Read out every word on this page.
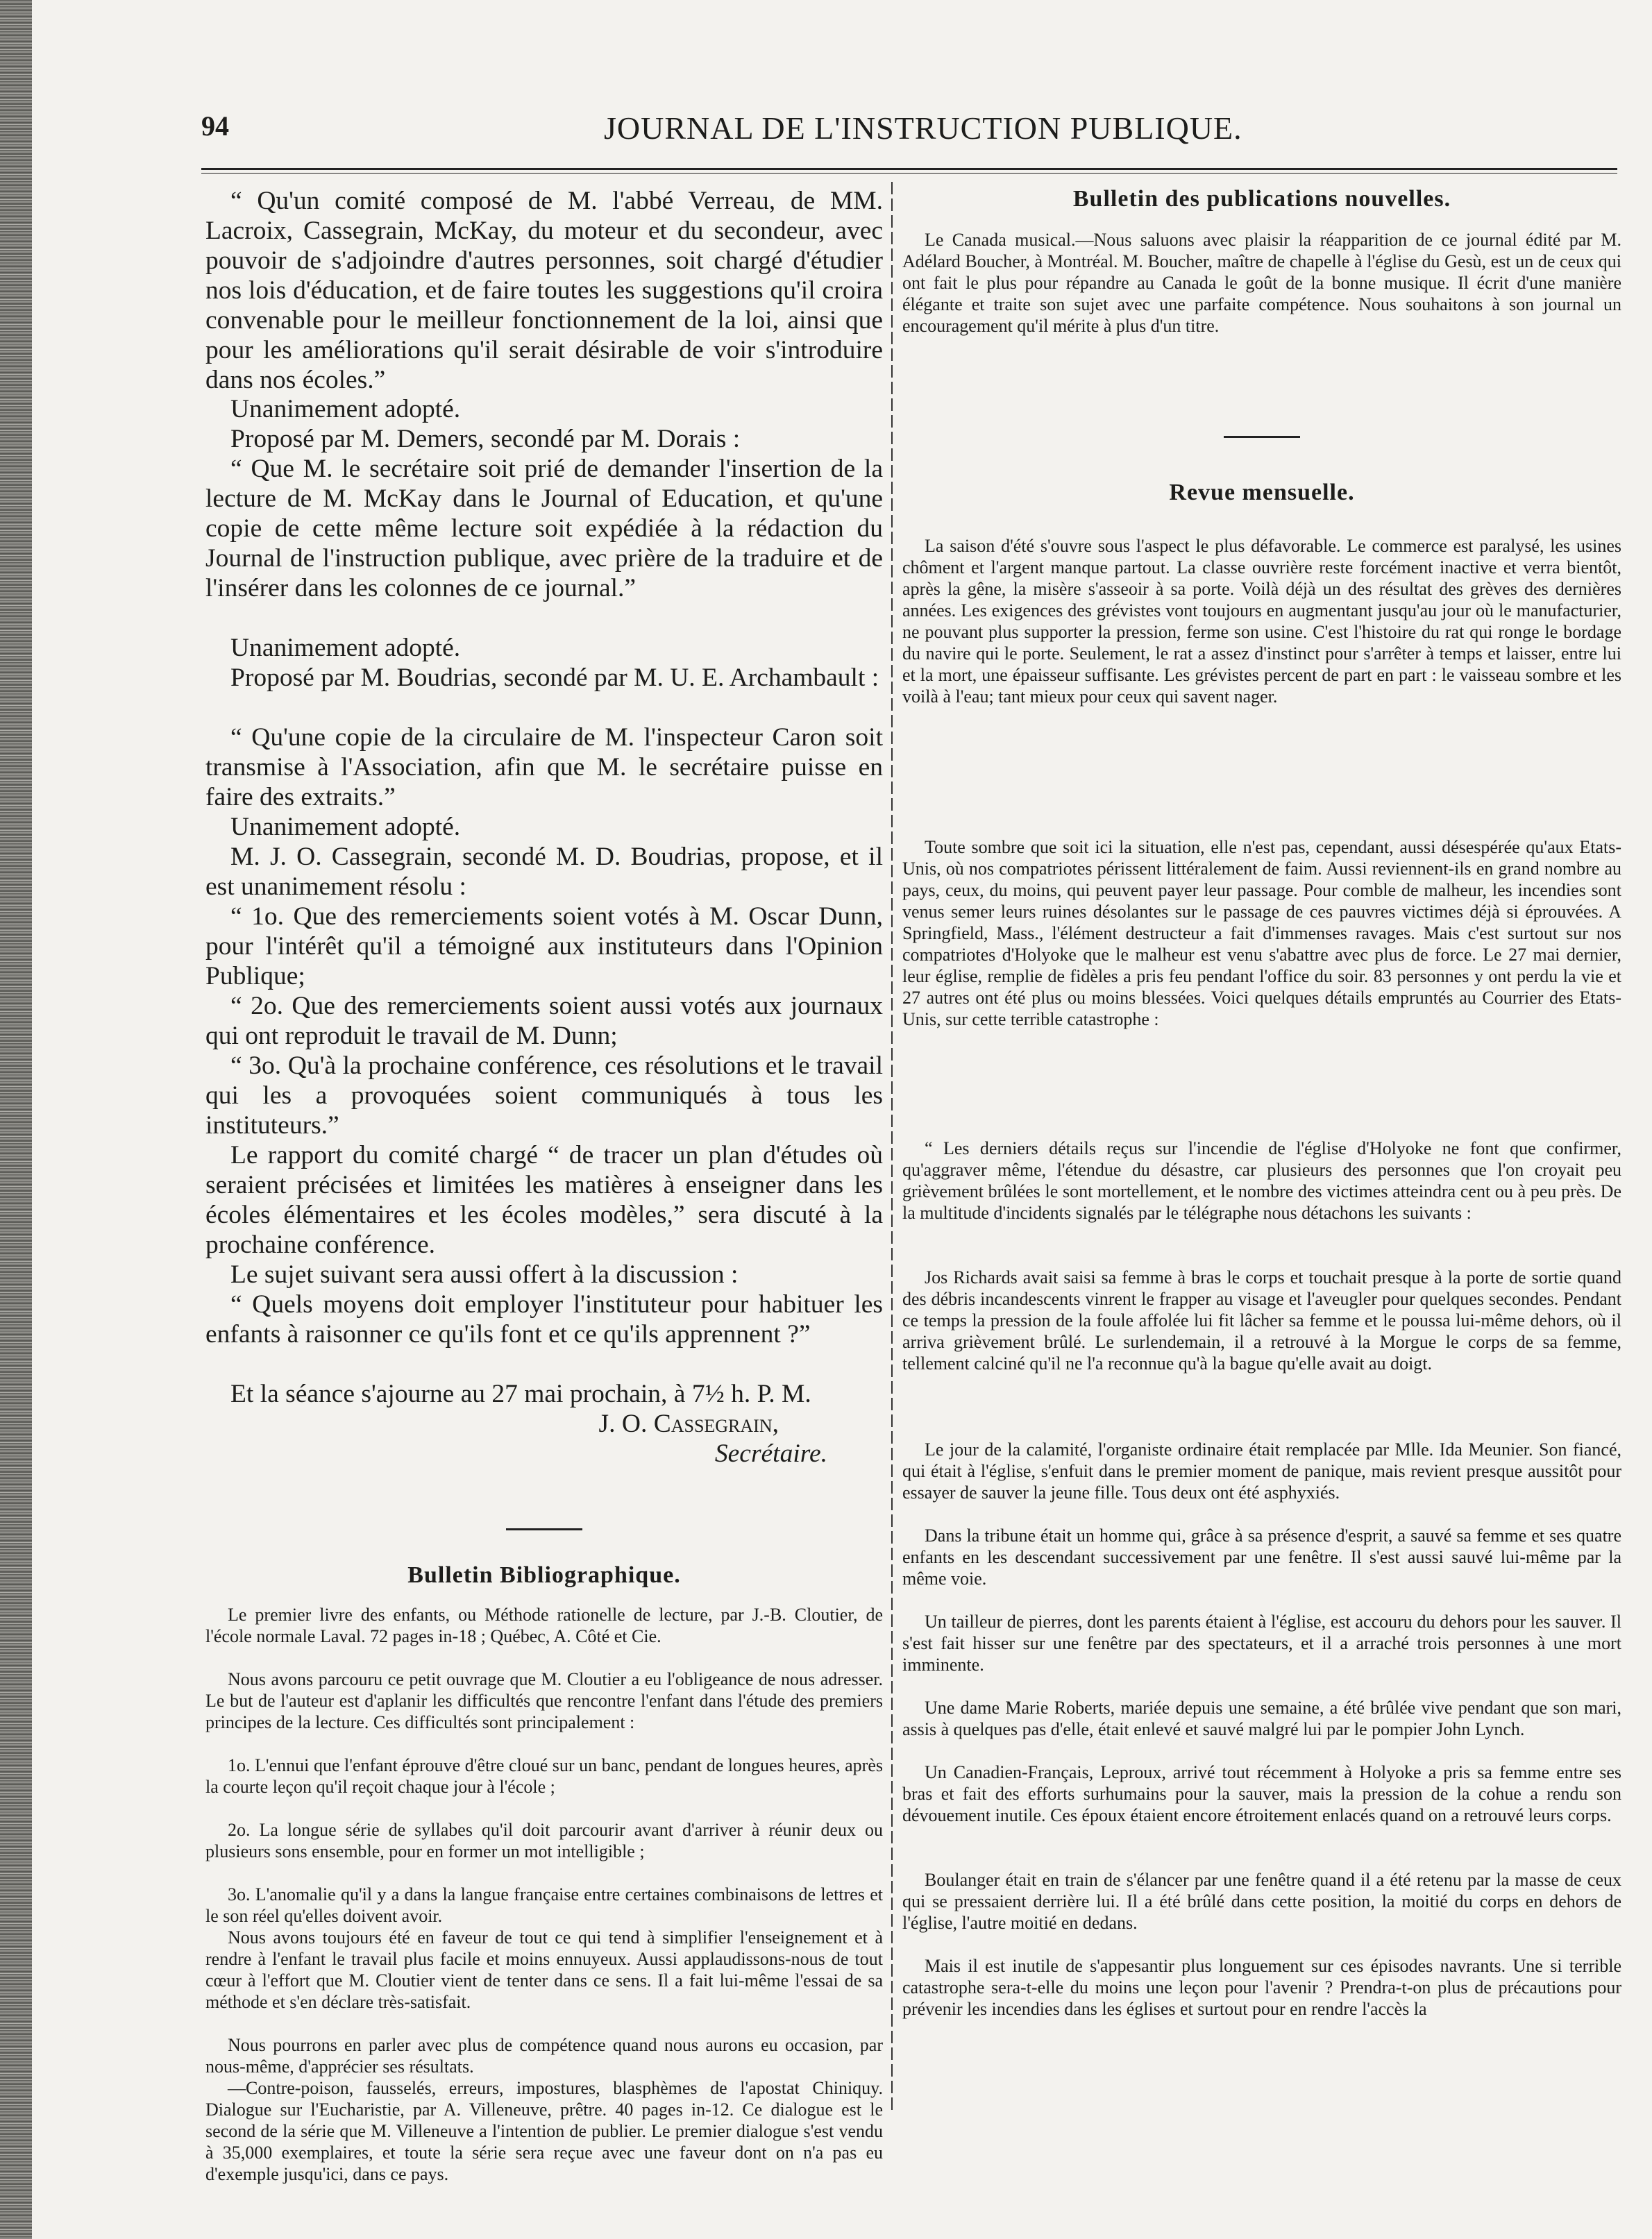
94	JOURNAL DE L'INSTRUCTION PUBLIQUE.

“ Qu'un comité composé de M. l'abbé Verreau, de MM. Lacroix, Cassegrain, McKay, du moteur et du secondeur, avec pouvoir de s'adjoindre d'autres personnes, soit chargé d'étudier nos lois d'éducation, et de faire toutes les suggestions qu'il croira convenable pour le meilleur fonctionnement de la loi, ainsi que pour les améliorations qu'il serait désirable de voir s'introduire dans nos écoles.”

Unanimement adopté.

Proposé par M. Demers, secondé par M. Dorais :

“ Que M. le secrétaire soit prié de demander l'insertion de la lecture de M. McKay dans le Journal of Education, et qu'une copie de cette même lecture soit expédiée à la rédaction du Journal de l'instruction publique, avec prière de la traduire et de l'insérer dans les colonnes de ce journal.”

Unanimement adopté.

Proposé par M. Boudrias, secondé par M. U. E. Archambault :

“ Qu'une copie de la circulaire de M. l'inspecteur Caron soit transmise à l'Association, afin que M. le secrétaire puisse en faire des extraits.”

Unanimement adopté.

M. J. O. Cassegrain, secondé M. D. Boudrias, propose, et il est unanimement résolu :

“ 1o. Que des remerciements soient votés à M. Oscar Dunn, pour l'intérêt qu'il a témoigné aux instituteurs dans l'Opinion Publique;

“ 2o. Que des remerciements soient aussi votés aux journaux qui ont reproduit le travail de M. Dunn;

“ 3o. Qu'à la prochaine conférence, ces résolutions et le travail qui les a provoquées soient communiqués à tous les instituteurs.”

Le rapport du comité chargé “ de tracer un plan d'études où seraient précisées et limitées les matières à enseigner dans les écoles élémentaires et les écoles modèles,” sera discuté à la prochaine conférence.

Le sujet suivant sera aussi offert à la discussion :

“ Quels moyens doit employer l'instituteur pour habituer les enfants à raisonner ce qu'ils font et ce qu'ils apprennent ?”

Et la séance s'ajourne au 27 mai prochain, à 7½ h. P. M.

J. O. Cassegrain,

Secrétaire.

Bulletin Bibliographique.

Le premier livre des enfants, ou Méthode rationelle de lecture, par J.-B. Cloutier, de l'école normale Laval. 72 pages in-18 ; Québec, A. Côté et Cie.

Nous avons parcouru ce petit ouvrage que M. Cloutier a eu l'obligeance de nous adresser. Le but de l'auteur est d'aplanir les difficultés que rencontre l'enfant dans l'étude des premiers principes de la lecture. Ces difficultés sont principalement :

1o. L'ennui que l'enfant éprouve d'être cloué sur un banc, pendant de longues heures, après la courte leçon qu'il reçoit chaque jour à l'école ;

2o. La longue série de syllabes qu'il doit parcourir avant d'arriver à réunir deux ou plusieurs sons ensemble, pour en former un mot intelligible ;

3o. L'anomalie qu'il y a dans la langue française entre certaines combinaisons de lettres et le son réel qu'elles doivent avoir.

Nous avons toujours été en faveur de tout ce qui tend à simplifier l'enseignement et à rendre à l'enfant le travail plus facile et moins ennuyeux. Aussi applaudissons-nous de tout cœur à l'effort que M. Cloutier vient de tenter dans ce sens. Il a fait lui-même l'essai de sa méthode et s'en déclare très-satisfait.

Nous pourrons en parler avec plus de compétence quand nous aurons eu occasion, par nous-même, d'apprécier ses résultats.

—Contre-poison, fausselés, erreurs, impostures, blasphèmes de l'apostat Chiniquy. Dialogue sur l'Eucharistie, par A. Villeneuve, prêtre. 40 pages in-12. Ce dialogue est le second de la série que M. Villeneuve a l'intention de publier. Le premier dialogue s'est vendu à 35,000 exemplaires, et toute la série sera reçue avec une faveur dont on n'a pas eu d'exemple jusqu'ici, dans ce pays.

Bulletin des publications nouvelles.

Le Canada musical.—Nous saluons avec plaisir la réapparition de ce journal édité par M. Adélard Boucher, à Montréal. M. Boucher, maître de chapelle à l'église du Gesù, est un de ceux qui ont fait le plus pour répandre au Canada le goût de la bonne musique. Il écrit d'une manière élégante et traite son sujet avec une parfaite compétence. Nous souhaitons à son journal un encouragement qu'il mérite à plus d'un titre.

Revue mensuelle.

La saison d'été s'ouvre sous l'aspect le plus défavorable. Le commerce est paralysé, les usines chôment et l'argent manque partout. La classe ouvrière reste forcément inactive et verra bientôt, après la gêne, la misère s'asseoir à sa porte. Voilà déjà un des résultat des grèves des dernières années. Les exigences des grévistes vont toujours en augmentant jusqu'au jour où le manufacturier, ne pouvant plus supporter la pression, ferme son usine. C'est l'histoire du rat qui ronge le bordage du navire qui le porte. Seulement, le rat a assez d'instinct pour s'arrêter à temps et laisser, entre lui et la mort, une épaisseur suffisante. Les grévistes percent de part en part : le vaisseau sombre et les voilà à l'eau; tant mieux pour ceux qui savent nager.

Toute sombre que soit ici la situation, elle n'est pas, cependant, aussi désespérée qu'aux Etats-Unis, où nos compatriotes périssent littéralement de faim. Aussi reviennent-ils en grand nombre au pays, ceux, du moins, qui peuvent payer leur passage. Pour comble de malheur, les incendies sont venus semer leurs ruines désolantes sur le passage de ces pauvres victimes déjà si éprouvées. A Springfield, Mass., l'élément destructeur a fait d'immenses ravages. Mais c'est surtout sur nos compatriotes d'Holyoke que le malheur est venu s'abattre avec plus de force. Le 27 mai dernier, leur église, remplie de fidèles a pris feu pendant l'office du soir. 83 personnes y ont perdu la vie et 27 autres ont été plus ou moins blessées. Voici quelques détails empruntés au Courrier des Etats-Unis, sur cette terrible catastrophe :

“ Les derniers détails reçus sur l'incendie de l'église d'Holyoke ne font que confirmer, qu'aggraver même, l'étendue du désastre, car plusieurs des personnes que l'on croyait peu grièvement brûlées le sont mortellement, et le nombre des victimes atteindra cent ou à peu près. De la multitude d'incidents signalés par le télégraphe nous détachons les suivants :

Jos Richards avait saisi sa femme à bras le corps et touchait presque à la porte de sortie quand des débris incandescents vinrent le frapper au visage et l'aveugler pour quelques secondes. Pendant ce temps la pression de la foule affolée lui fit lâcher sa femme et le poussa lui-même dehors, où il arriva grièvement brûlé. Le surlendemain, il a retrouvé à la Morgue le corps de sa femme, tellement calciné qu'il ne l'a reconnue qu'à la bague qu'elle avait au doigt.

Le jour de la calamité, l'organiste ordinaire était remplacée par Mlle. Ida Meunier. Son fiancé, qui était à l'église, s'enfuit dans le premier moment de panique, mais revient presque aussitôt pour essayer de sauver la jeune fille. Tous deux ont été asphyxiés.

Dans la tribune était un homme qui, grâce à sa présence d'esprit, a sauvé sa femme et ses quatre enfants en les descendant successivement par une fenêtre. Il s'est aussi sauvé lui-même par la même voie.

Un tailleur de pierres, dont les parents étaient à l'église, est accouru du dehors pour les sauver. Il s'est fait hisser sur une fenêtre par des spectateurs, et il a arraché trois personnes à une mort imminente.

Une dame Marie Roberts, mariée depuis une semaine, a été brûlée vive pendant que son mari, assis à quelques pas d'elle, était enlevé et sauvé malgré lui par le pompier John Lynch.

Un Canadien-Français, Leproux, arrivé tout récemment à Holyoke a pris sa femme entre ses bras et fait des efforts surhumains pour la sauver, mais la pression de la cohue a rendu son dévouement inutile. Ces époux étaient encore étroitement enlacés quand on a retrouvé leurs corps.

Boulanger était en train de s'élancer par une fenêtre quand il a été retenu par la masse de ceux qui se pressaient derrière lui. Il a été brûlé dans cette position, la moitié du corps en dehors de l'église, l'autre moitié en dedans.

Mais il est inutile de s'appesantir plus longuement sur ces épisodes navrants. Une si terrible catastrophe sera-t-elle du moins une leçon pour l'avenir ? Prendra-t-on plus de précautions pour prévenir les incendies dans les églises et surtout pour en rendre l'accès la
